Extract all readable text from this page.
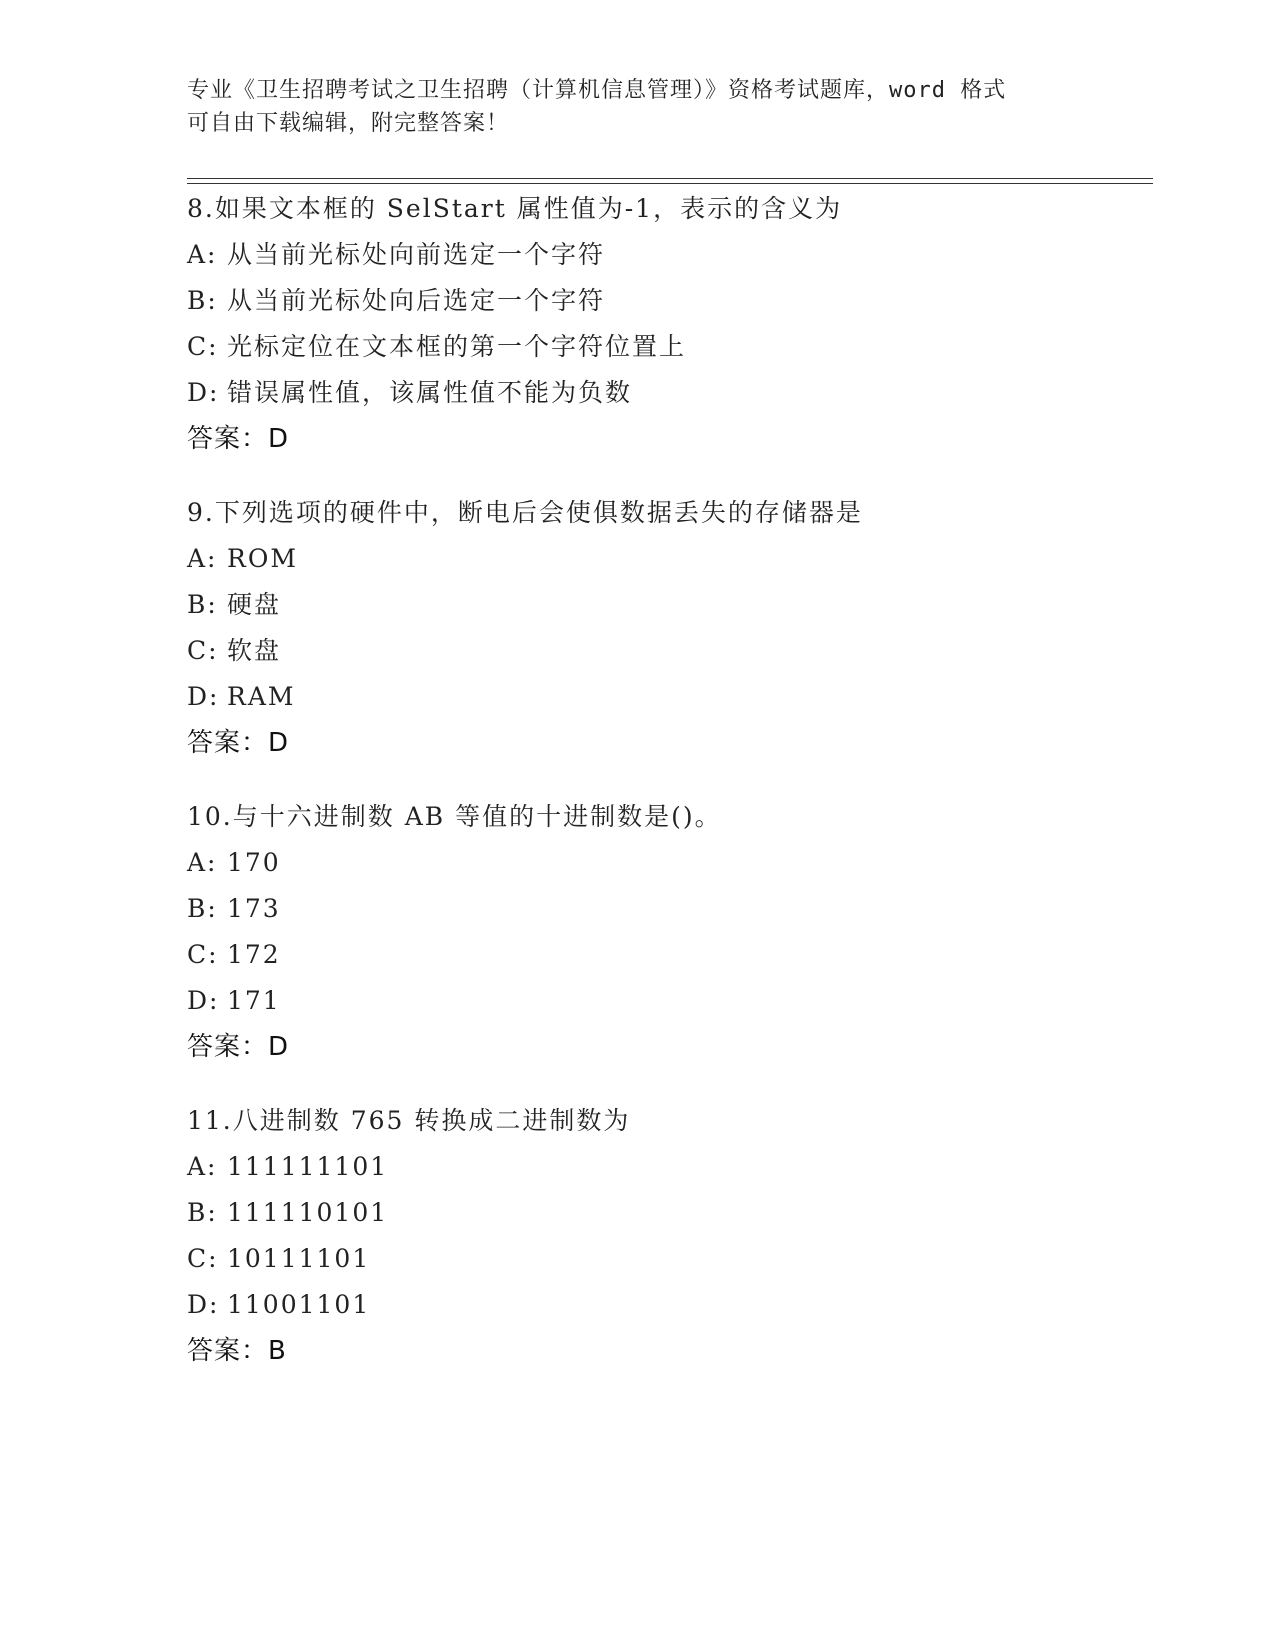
专业《卫生招聘考试之卫生招聘（计算机信息管理）》资格考试题库，word 格式
可自由下载编辑，附完整答案！
8.如果文本框的 SelStart 属性值为-1，表示的含义为
A: 从当前光标处向前选定一个字符
B: 从当前光标处向后选定一个字符
C: 光标定位在文本框的第一个字符位置上
D: 错误属性值，该属性值不能为负数
答案：D
9.下列选项的硬件中，断电后会使俱数据丢失的存储器是
A: ROM
B: 硬盘
C: 软盘
D: RAM
答案：D
10.与十六进制数 AB 等值的十进制数是()。
A: 170
B: 173
C: 172
D: 171
答案：D
11.八进制数 765 转换成二进制数为
A: 111111101
B: 111110101
C: 10111101
D: 11001101
答案：B
